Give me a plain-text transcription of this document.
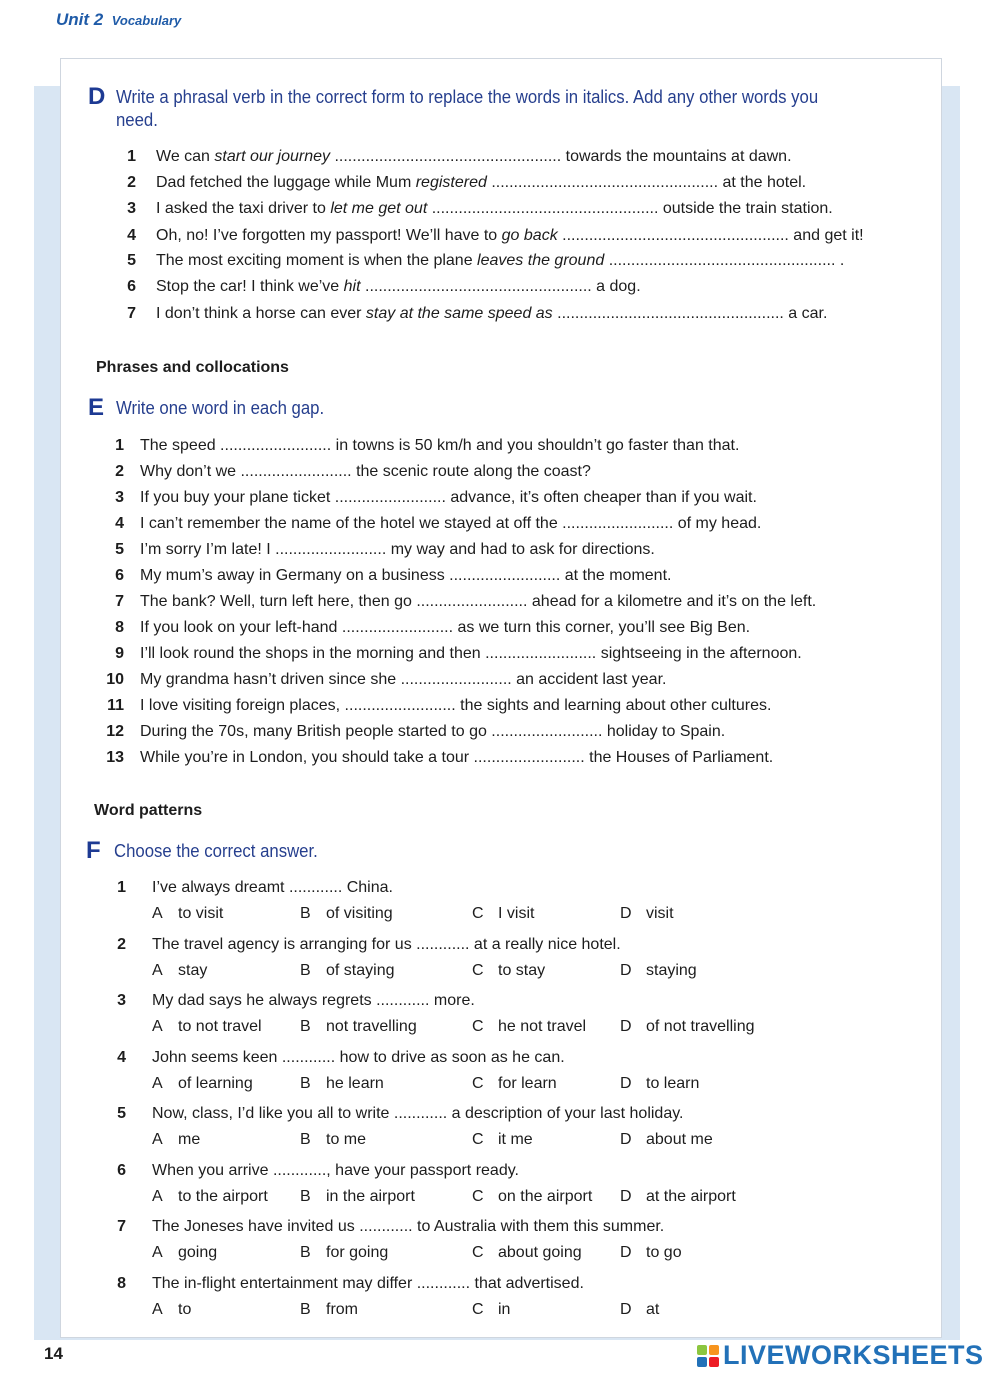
Unit 2 Vocabulary
D Write a phrasal verb in the correct form to replace the words in italics. Add any other words you
need.
1 We can start our journey ................................................... towards the mountains at dawn.
2 Dad fetched the luggage while Mum registered ................................................... at the hotel.
3 I asked the taxi driver to let me get out ................................................... outside the train station.
4 Oh, no! I’ve forgotten my passport! We’ll have to go back ................................................... and get it!
5 The most exciting moment is when the plane leaves the ground ................................................... .
6 Stop the car! I think we’ve hit ................................................... a dog.
7 I don’t think a horse can ever stay at the same speed as ................................................... a car.
Phrases and collocations
E Write one word in each gap.
1 The speed ......................... in towns is 50 km/h and you shouldn’t go faster than that.
2 Why don’t we ......................... the scenic route along the coast?
3 If you buy your plane ticket ......................... advance, it’s often cheaper than if you wait.
4 I can’t remember the name of the hotel we stayed at off the ......................... of my head.
5 I’m sorry I’m late! I ......................... my way and had to ask for directions.
6 My mum’s away in Germany on a business ......................... at the moment.
7 The bank? Well, turn left here, then go ......................... ahead for a kilometre and it’s on the left.
8 If you look on your left-hand ......................... as we turn this corner, you’ll see Big Ben.
9 I’ll look round the shops in the morning and then ......................... sightseeing in the afternoon.
10 My grandma hasn’t driven since she ......................... an accident last year.
11 I love visiting foreign places, ......................... the sights and learning about other cultures.
12 During the 70s, many British people started to go ......................... holiday to Spain.
13 While you’re in London, you should take a tour ......................... the Houses of Parliament.
Word patterns
F Choose the correct answer.
1 I’ve always dreamt ............ China.
A to visit	B of visiting	C I visit	D visit
2 The travel agency is arranging for us ............ at a really nice hotel.
A stay	B of staying	C to stay	D staying
3 My dad says he always regrets ............ more.
A to not travel B not travelling	C he not travel D of not travelling
4 John seems keen ............ how to drive as soon as he can.
A of learning	B he learn	C for learn	D to learn
5 Now, class, I’d like you all to write ............ a description of your last holiday.
A me	B to me	C it me	D about me
6 When you arrive ............, have your passport ready.
A to the airport B in the airport	C on the airport D at the airport
7 The Joneses have invited us ............ to Australia with them this summer.
A going	B for going	C about going D to go
8 The in-flight entertainment may differ ............ that advertised.
A to	B from	C in	D at
14	LIVEWORKSHEETS
